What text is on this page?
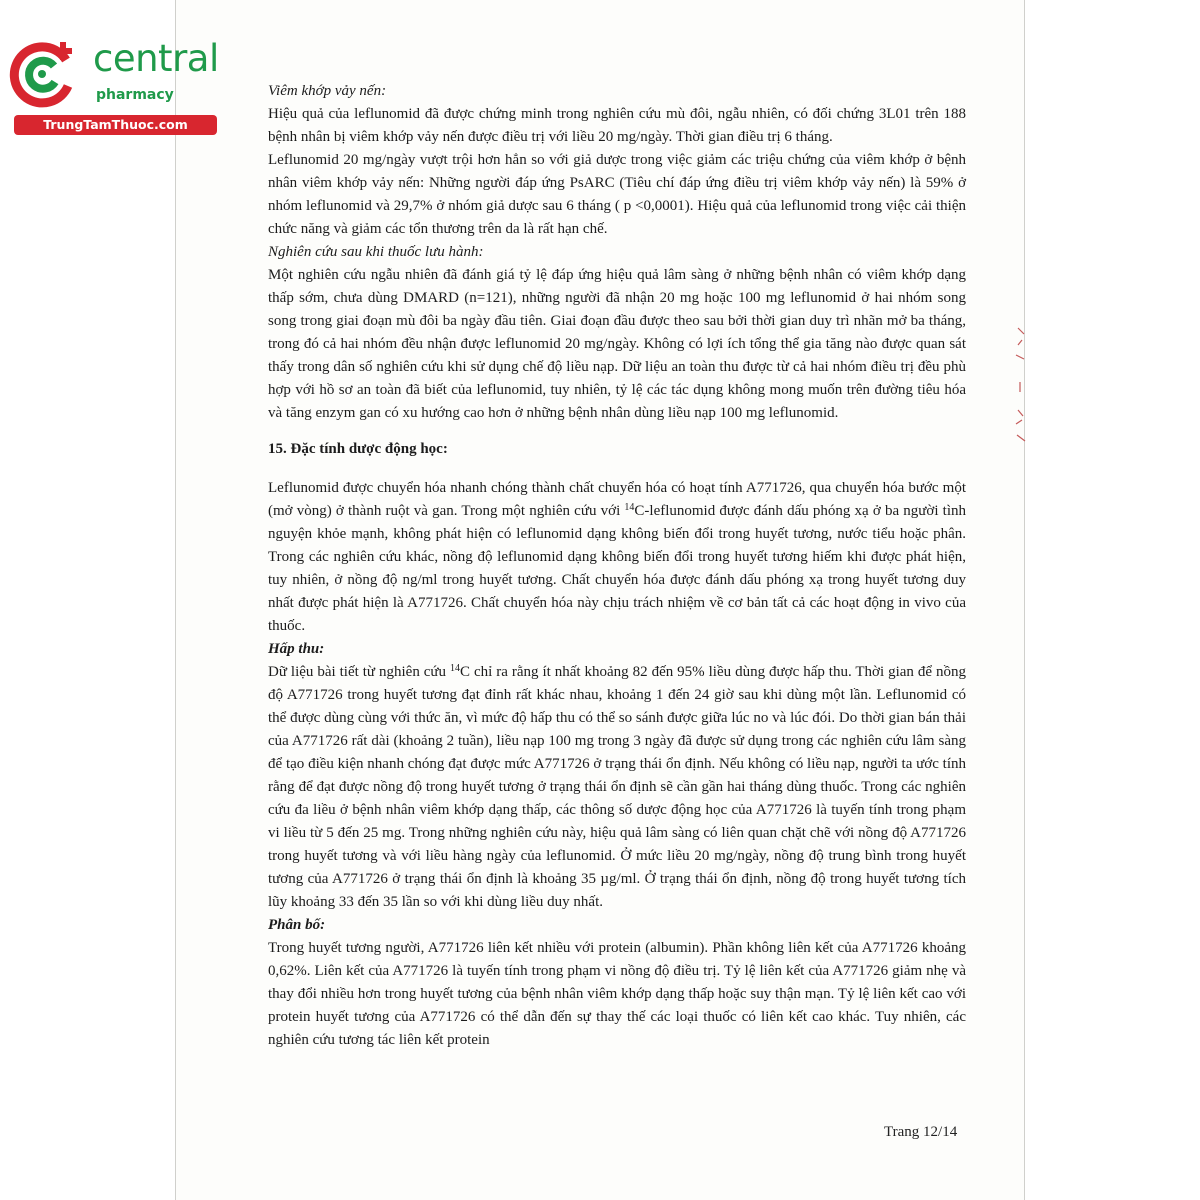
central
pharmacy
TrungTamThuoc.com

Viêm khớp vảy nến:

Hiệu quả của leflunomid đã được chứng minh trong nghiên cứu mù đôi, ngẫu nhiên, có đối chứng 3L01 trên 188 bệnh nhân bị viêm khớp vảy nến được điều trị với liều 20 mg/ngày. Thời gian điều trị 6 tháng.

Leflunomid 20 mg/ngày vượt trội hơn hẳn so với giả dược trong việc giảm các triệu chứng của viêm khớp ở bệnh nhân viêm khớp vảy nến: Những người đáp ứng PsARC (Tiêu chí đáp ứng điều trị viêm khớp vảy nến) là 59% ở nhóm leflunomid và 29,7% ở nhóm giả dược sau 6 tháng ( p <0,0001). Hiệu quả của leflunomid trong việc cải thiện chức năng và giảm các tổn thương trên da là rất hạn chế.

Nghiên cứu sau khi thuốc lưu hành:

Một nghiên cứu ngẫu nhiên đã đánh giá tỷ lệ đáp ứng hiệu quả lâm sàng ở những bệnh nhân có viêm khớp dạng thấp sớm, chưa dùng DMARD (n=121), những người đã nhận 20 mg hoặc 100 mg leflunomid ở hai nhóm song song trong giai đoạn mù đôi ba ngày đầu tiên. Giai đoạn đầu được theo sau bởi thời gian duy trì nhãn mở ba tháng, trong đó cả hai nhóm đều nhận được leflunomid 20 mg/ngày. Không có lợi ích tổng thể gia tăng nào được quan sát thấy trong dân số nghiên cứu khi sử dụng chế độ liều nạp. Dữ liệu an toàn thu được từ cả hai nhóm điều trị đều phù hợp với hồ sơ an toàn đã biết của leflunomid, tuy nhiên, tỷ lệ các tác dụng không mong muốn trên đường tiêu hóa và tăng enzym gan có xu hướng cao hơn ở những bệnh nhân dùng liều nạp 100 mg leflunomid.

15. Đặc tính dược động học:

Leflunomid được chuyển hóa nhanh chóng thành chất chuyển hóa có hoạt tính A771726, qua chuyển hóa bước một (mở vòng) ở thành ruột và gan. Trong một nghiên cứu với $^{14}$C-leflunomid được đánh dấu phóng xạ ở ba người tình nguyện khỏe mạnh, không phát hiện có leflunomid dạng không biến đổi trong huyết tương, nước tiểu hoặc phân. Trong các nghiên cứu khác, nồng độ leflunomid dạng không biến đổi trong huyết tương hiếm khi được phát hiện, tuy nhiên, ở nồng độ ng/ml trong huyết tương. Chất chuyển hóa được đánh dấu phóng xạ trong huyết tương duy nhất được phát hiện là A771726. Chất chuyển hóa này chịu trách nhiệm về cơ bản tất cả các hoạt động in vivo của thuốc.

Hấp thu:

Dữ liệu bài tiết từ nghiên cứu $^{14}$C chỉ ra rằng ít nhất khoảng 82 đến 95% liều dùng được hấp thu. Thời gian để nồng độ A771726 trong huyết tương đạt đỉnh rất khác nhau, khoảng 1 đến 24 giờ sau khi dùng một lần. Leflunomid có thể được dùng cùng với thức ăn, vì mức độ hấp thu có thể so sánh được giữa lúc no và lúc đói. Do thời gian bán thải của A771726 rất dài (khoảng 2 tuần), liều nạp 100 mg trong 3 ngày đã được sử dụng trong các nghiên cứu lâm sàng để tạo điều kiện nhanh chóng đạt được mức A771726 ở trạng thái ổn định. Nếu không có liều nạp, người ta ước tính rằng để đạt được nồng độ trong huyết tương ở trạng thái ổn định sẽ cần gần hai tháng dùng thuốc. Trong các nghiên cứu đa liều ở bệnh nhân viêm khớp dạng thấp, các thông số dược động học của A771726 là tuyến tính trong phạm vi liều từ 5 đến 25 mg. Trong những nghiên cứu này, hiệu quả lâm sàng có liên quan chặt chẽ với nồng độ A771726 trong huyết tương và với liều hàng ngày của leflunomid. Ở mức liều 20 mg/ngày, nồng độ trung bình trong huyết tương của A771726 ở trạng thái ổn định là khoảng 35 µg/ml. Ở trạng thái ổn định, nồng độ trong huyết tương tích lũy khoảng 33 đến 35 lần so với khi dùng liều duy nhất.

Phân bố:

Trong huyết tương người, A771726 liên kết nhiều với protein (albumin). Phần không liên kết của A771726 khoảng 0,62%. Liên kết của A771726 là tuyến tính trong phạm vi nồng độ điều trị. Tỷ lệ liên kết của A771726 giảm nhẹ và thay đổi nhiều hơn trong huyết tương của bệnh nhân viêm khớp dạng thấp hoặc suy thận mạn. Tỷ lệ liên kết cao với protein huyết tương của A771726 có thể dẫn đến sự thay thế các loại thuốc có liên kết cao khác. Tuy nhiên, các nghiên cứu tương tác liên kết protein

Trang 12/14
